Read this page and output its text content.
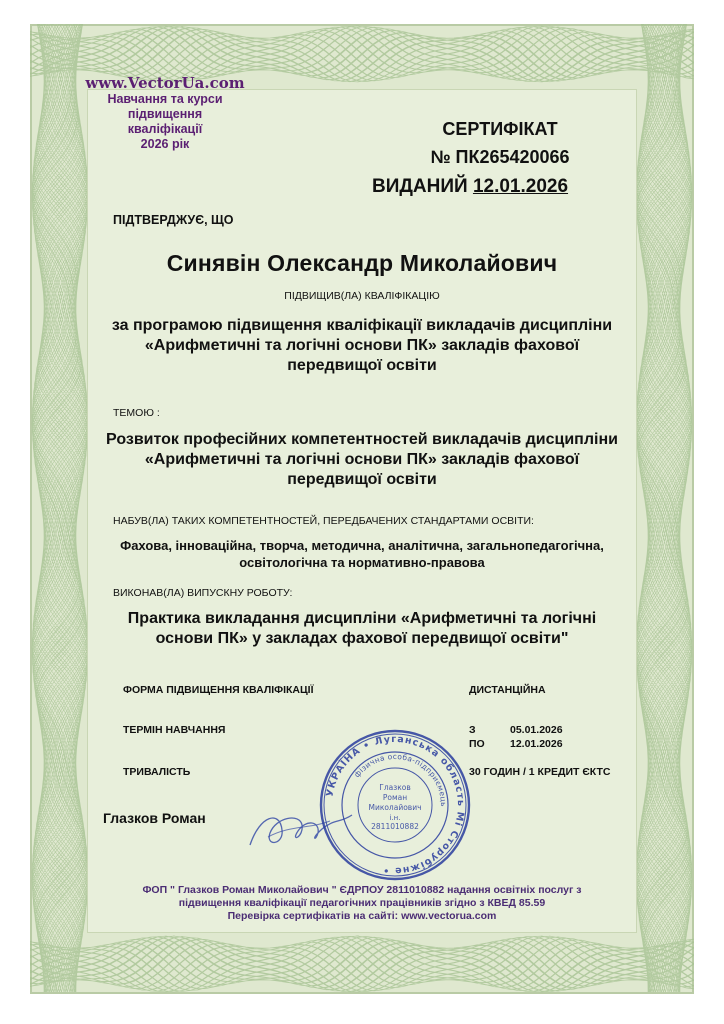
www.VectorUa.com
Навчання та курси
підвищення
кваліфікації
2026 рік
СЕРТИФІКАТ
№ ПК265420066
ВИДАНИЙ 12.01.2026
ПІДТВЕРДЖУЄ, ЩО
Синявін Олександр Миколайович
ПІДВИЩИВ(ЛА) КВАЛІФІКАЦІЮ
за програмою підвищення кваліфікації викладачів дисципліни «Арифметичні та логічні основи ПК» закладів фахової передвищої освіти
ТЕМОЮ :
Розвиток професійних компетентностей викладачів дисципліни «Арифметичні та логічні основи ПК» закладів фахової передвищої освіти
НАБУВ(ЛА) ТАКИХ КОМПЕТЕНТНОСТЕЙ, ПЕРЕДБАЧЕНИХ СТАНДАРТАМИ ОСВІТИ:
Фахова, інноваційна, творча, методична, аналітична, загальнопедагогічна, освітологічна та нормативно-правова
ВИКОНАВ(ЛА) ВИПУСКНУ РОБОТУ:
Практика викладання дисципліни «Арифметичні та логічні основи ПК» у закладах фахової передвищої освіти"
ФОРМА ПІДВИЩЕННЯ КВАЛІФІКАЦІЇ	ДИСТАНЦІЙНА
ТЕРМІН НАВЧАННЯ	З	05.01.2026
ПО 12.01.2026
ТРИВАЛІСТЬ	30 ГОДИН / 1 КРЕДИТ ЄКТС
Глазков Роман
УКРАЇНА • Луганська область Мі Сторубіжне •
фізична особа-підприємець
Глазков
Роман
Миколайович
і.н.
2811010882
ФОП " Глазков Роман Миколайович " ЄДРПОУ 2811010882 надання освітніх послуг з
підвищення кваліфікації педагогічних працівників згідно з КВЕД 85.59
Перевірка сертифікатів на сайті: www.vectorua.com
